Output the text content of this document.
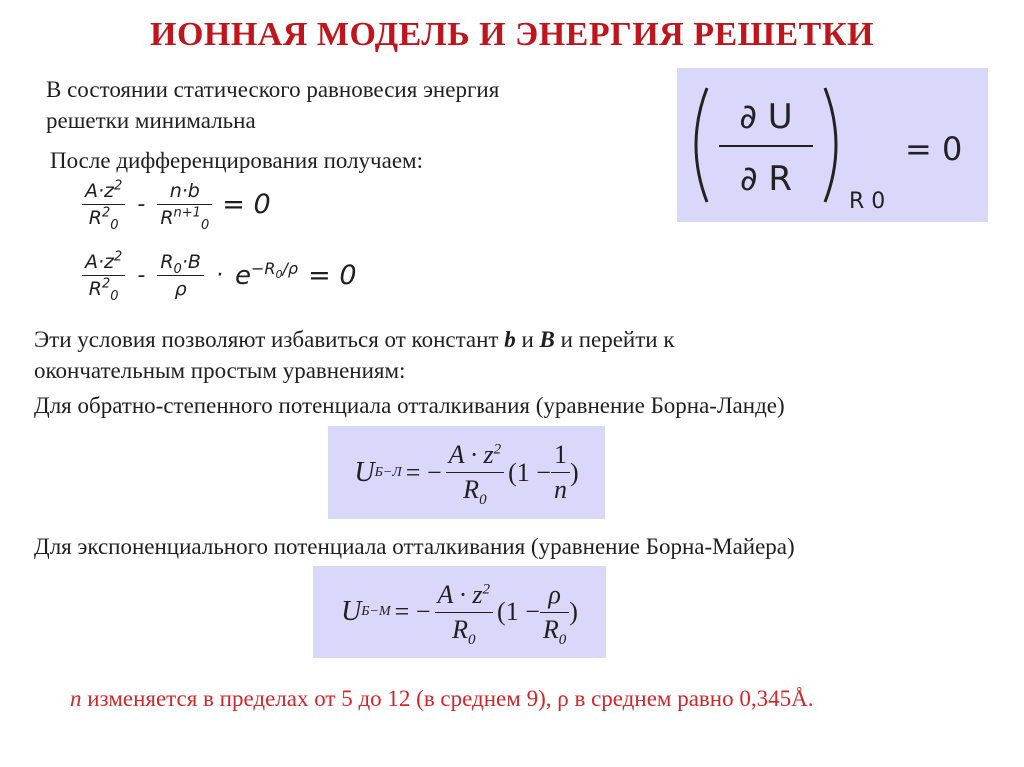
ИОННАЯ МОДЕЛЬ И ЭНЕРГИЯ РЕШЕТКИ
В состоянии статического равновесия энергия
решетки минимальна
После дифференцирования получаем:
∂ U
∂ R
R 0
= 0
$\frac{A\cdot z^2}{R^2_0} - \frac{n\cdot b}{R^{n+1}_0} = 0$
$\frac{A\cdot z^2}{R^2_0} - \frac{R_0\cdot B}{\rho} \cdot e^{-R_0/\rho} = 0$
Эти условия позволяют избавиться от констант b и B и перейти к
окончательным простым уравнениям:
Для обратно-степенного потенциала отталкивания (уравнение Борна-Ланде)
U Б−Л = − $\frac{A \cdot z^2}{R_0} (1 - \frac{1}{n}$ )
Для экспоненциального потенциала отталкивания (уравнение Борна-Майера)
U Б−М = − $\frac{A \cdot z^2}{R_0} (1 - \frac{\rho}{R_0}$ )
n изменяется в пределах от 5 до 12 (в среднем 9), ρ в среднем равно 0,345Å.
